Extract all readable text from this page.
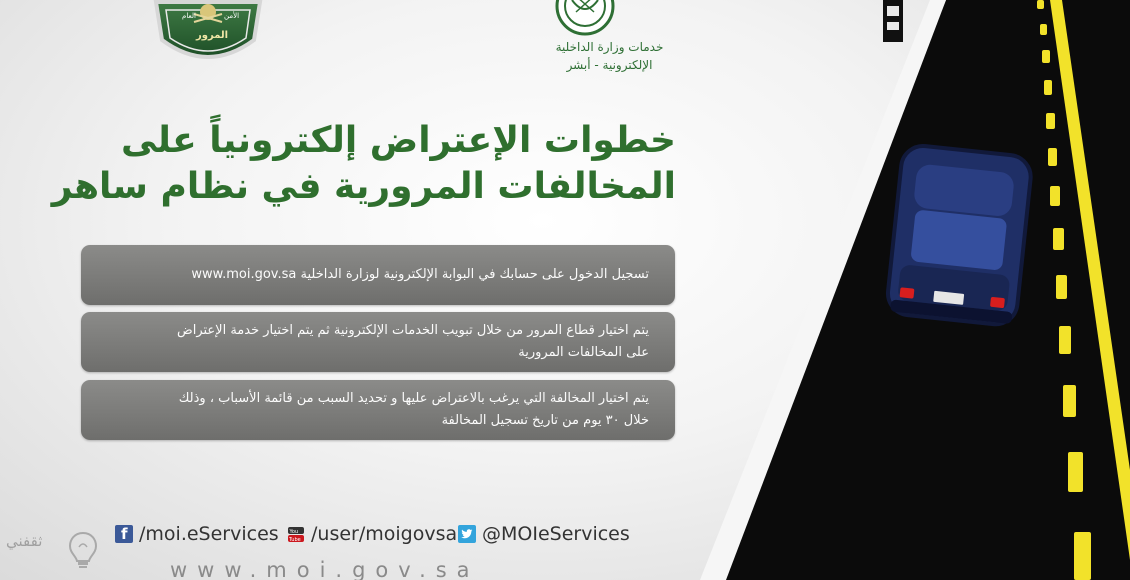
العام	الأمن
المرور
خدمات وزارة الداخلية
الإلكترونية - أبشر
خطوات الإعتراض إلكترونياً على
المخالفات المرورية في نظام ساهر
تسجيل الدخول على حسابك في البوابة الإلكترونية لوزارة الداخلية www.moi.gov.sa
يتم اختيار قطاع المرور من خلال تبويب الخدمات الإلكترونية ثم يتم اختيار خدمة الإعتراض
على المخالفات المرورية
يتم اختيار المخالفة التي يرغب بالاعتراض عليها و تحديد السبب من قائمة الأسباب ، وذلك
خلال ٣٠ يوم من تاريخ تسجيل المخالفة
f
/moi.eServices You
Tube /user/moigovsa @MOIeServices
www.moi.gov.sa
ثقفني
